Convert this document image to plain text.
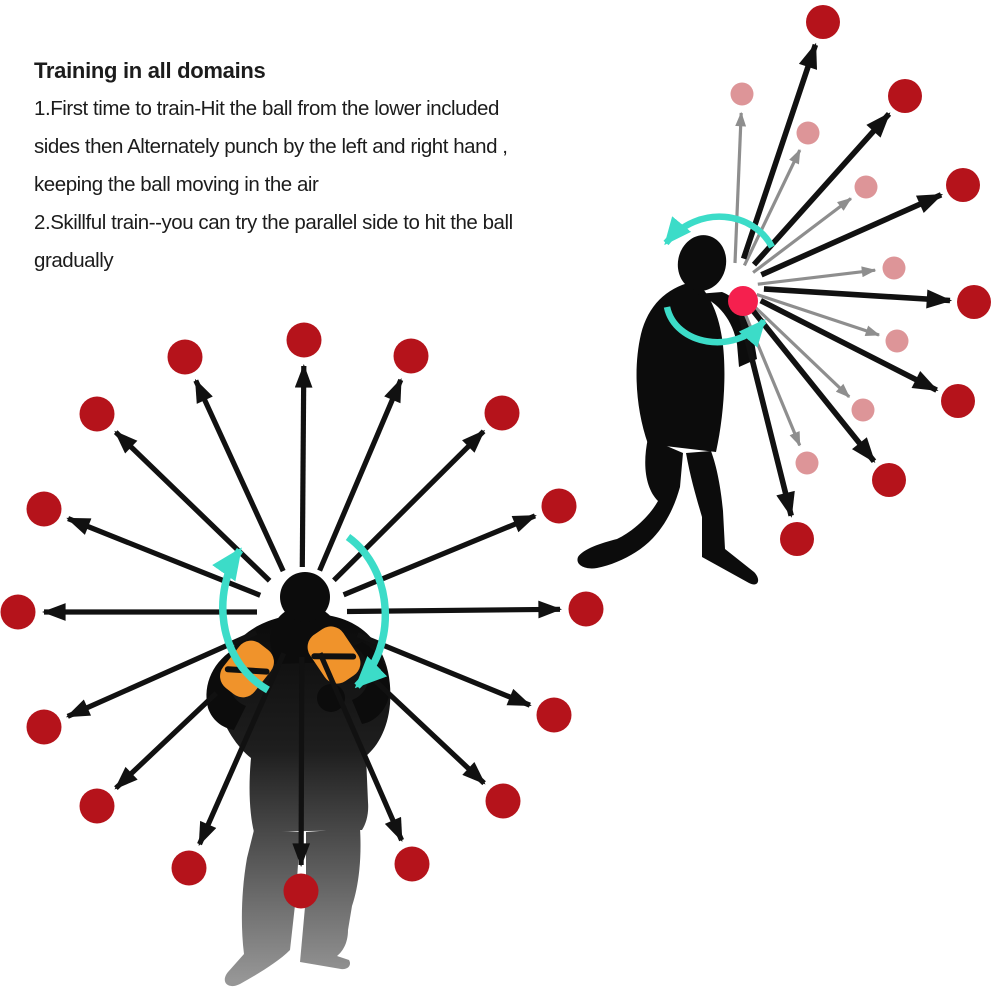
Training in all domains

1.First time to train-Hit the ball from the lower included

sides then Alternately punch by the left and right hand ,

keeping the ball moving in the air

2.Skillful train--you can try the parallel side to hit the ball

gradually
